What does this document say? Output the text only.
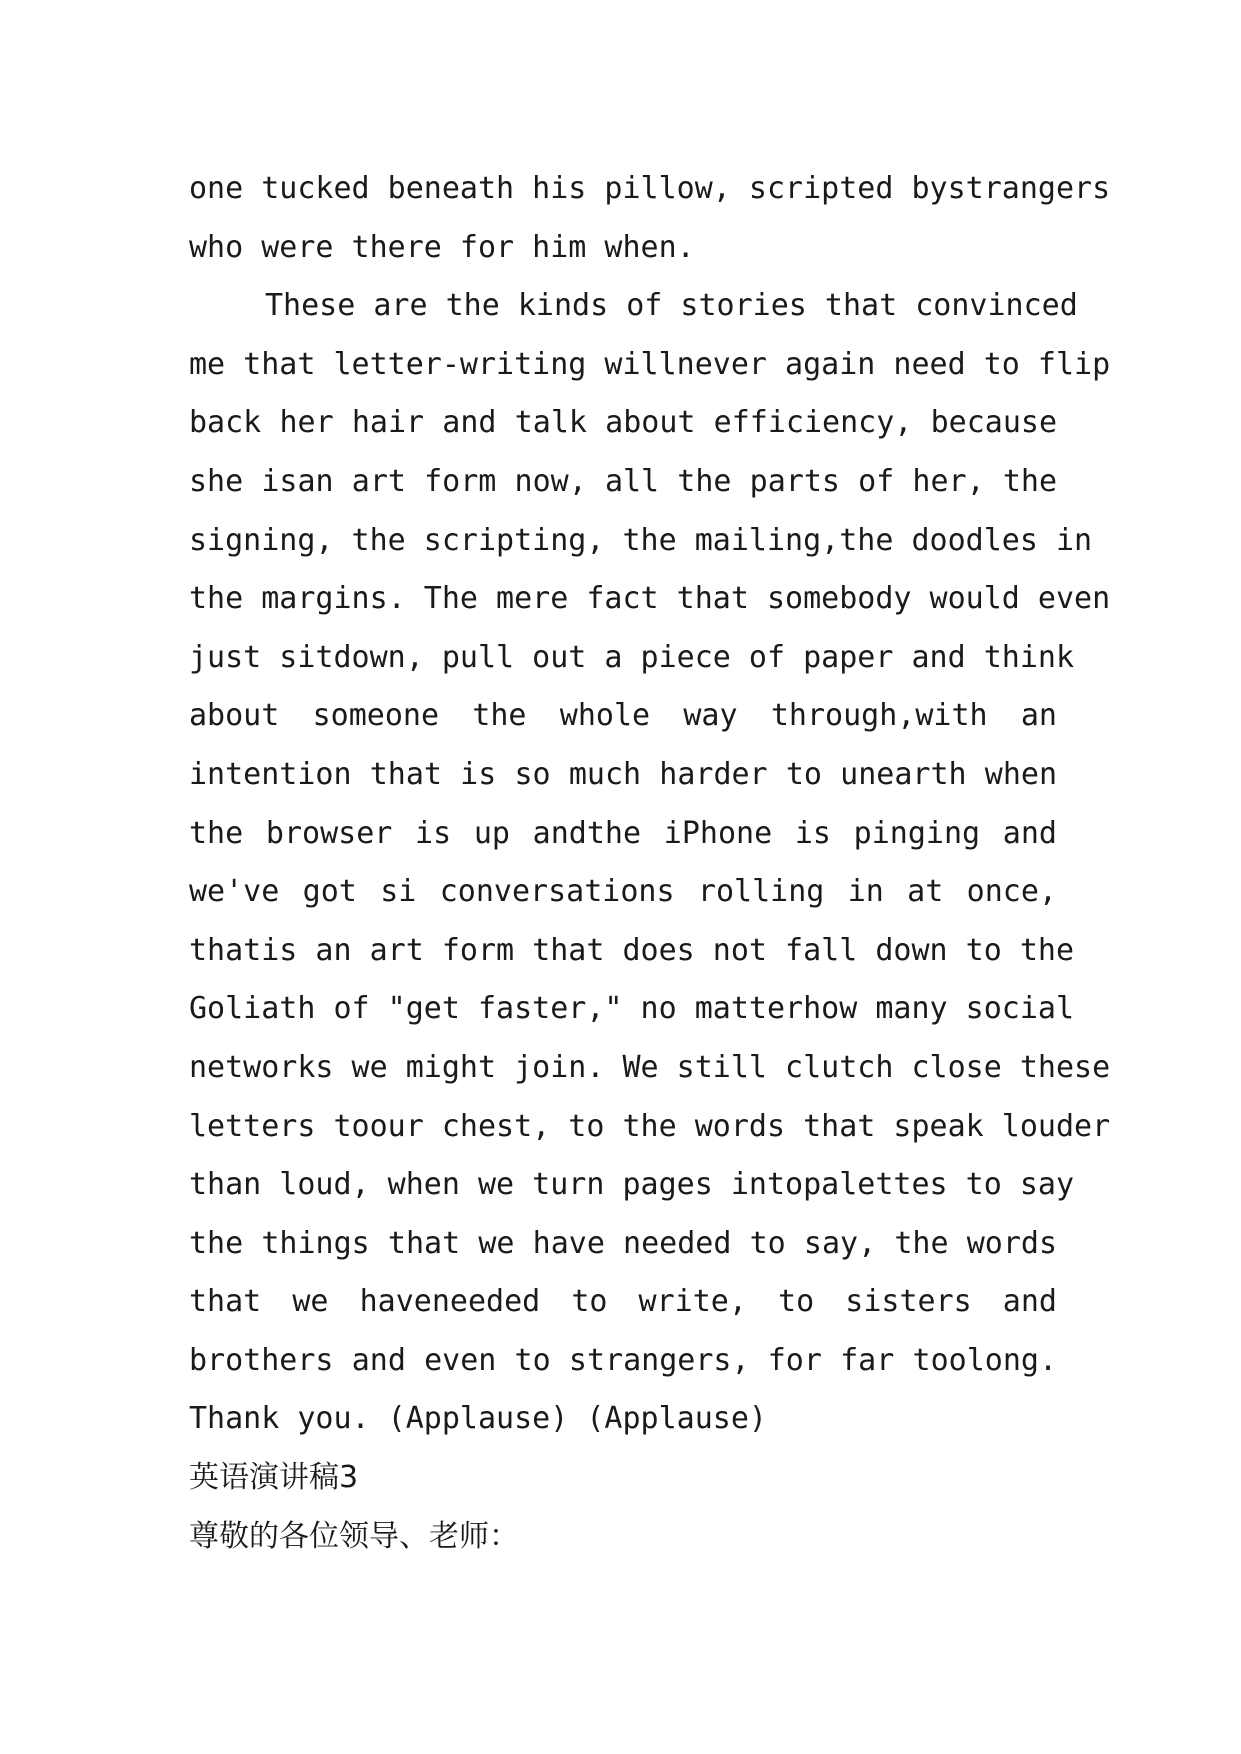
one tucked beneath his pillow, scripted bystrangers
who were there for him when.
These are the kinds of stories that convinced
me that letter-writing willnever again need to flip
back her hair and talk about efficiency, because
she isan art form now, all the parts of her, the
signing, the scripting, the mailing,the doodles in
the margins. The mere fact that somebody would even
just sitdown, pull out a piece of paper and think
about someone the whole way through,with an
intention that is so much harder to unearth when
the browser is up andthe iPhone is pinging and
we've got si conversations rolling in at once,
thatis an art form that does not fall down to the
Goliath of "get faster," no matterhow many social
networks we might join. We still clutch close these
letters toour chest, to the words that speak louder
than loud, when we turn pages intopalettes to say
the things that we have needed to say, the words
that we haveneeded to write, to sisters and
brothers and even to strangers, for far toolong.
Thank you. (Applause) (Applause)
英语演讲稿3
尊敬的各位领导、老师：
